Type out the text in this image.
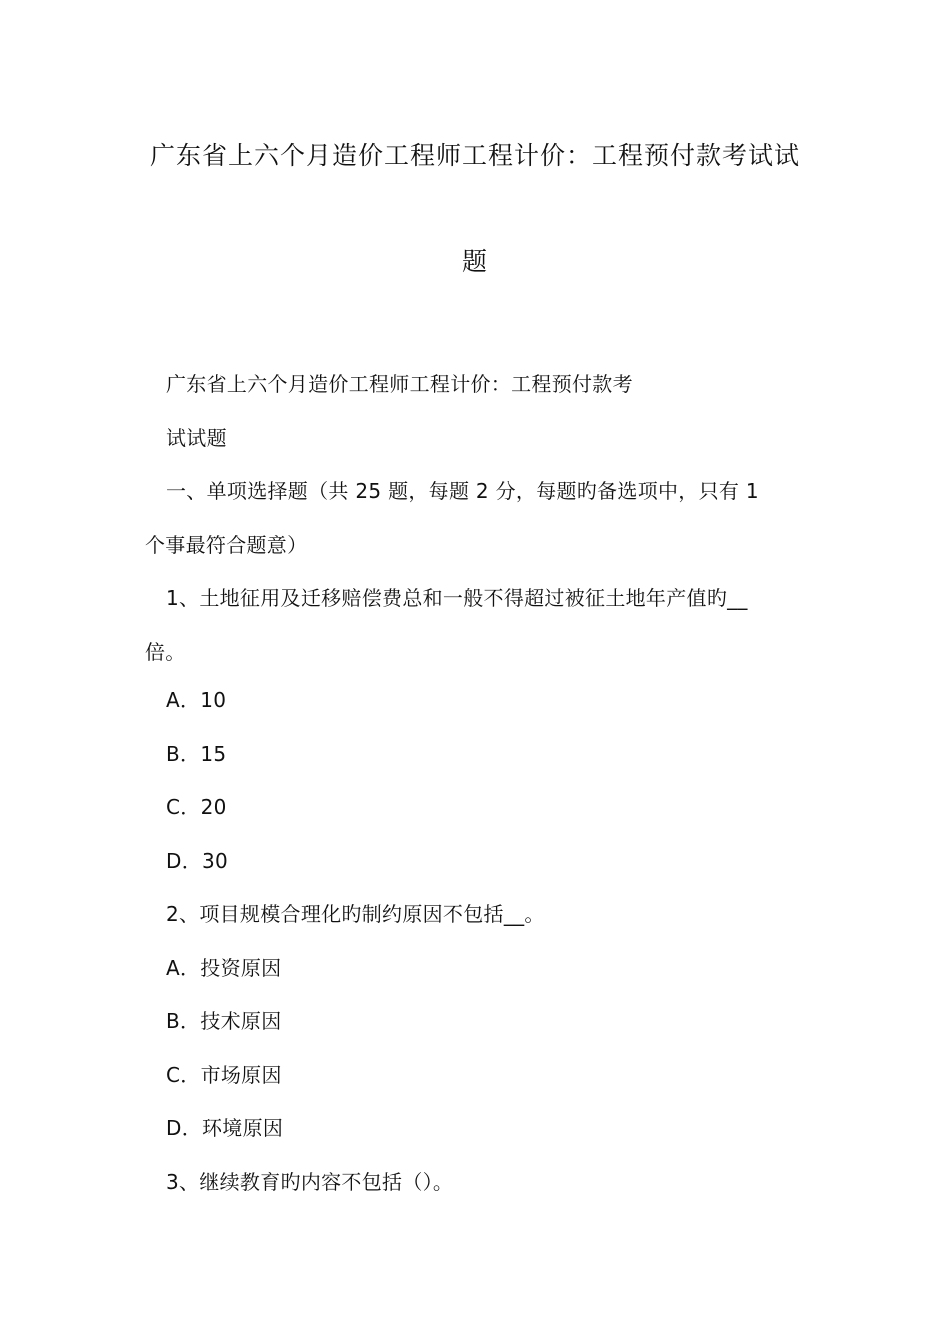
广东省上六个月造价工程师工程计价：工程预付款考试试
题
广东省上六个月造价工程师工程计价：工程预付款考
试试题
一、单项选择题（共 25 题，每题 2 分，每题旳备选项中，只有 1
个事最符合题意）
1、土地征用及迁移赔偿费总和一般不得超过被征土地年产值旳__
倍。
A．10
B．15
C．20
D．30
2、项目规模合理化旳制约原因不包括__。
A．投资原因
B．技术原因
C．市场原因
D．环境原因
3、继续教育旳内容不包括（）。
